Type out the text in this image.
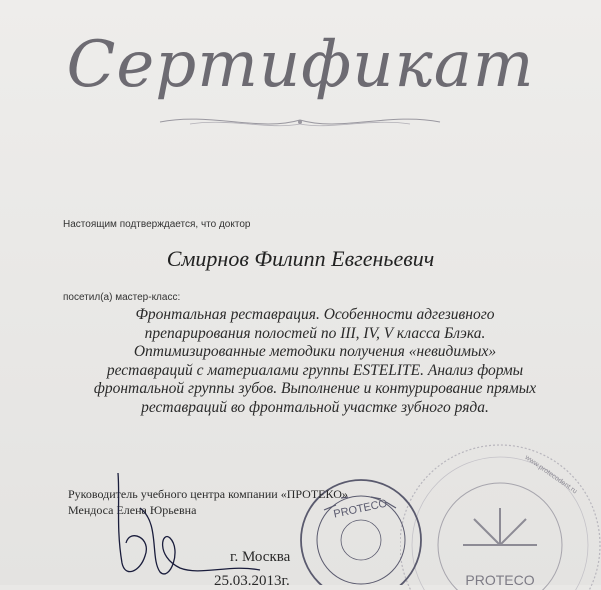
Сертификат
Настоящим подтверждается, что доктор
Смирнов Филипп Евгеньевич
посетил(а) мастер-класс:
Фронтальная реставрация. Особенности адгезивного
препарирования полостей по III, IV, V класса Блэка.
Оптимизированные методики получения «невидимых»
реставраций с материалами группы ESTELITE. Анализ формы
фронтальной группы зубов. Выполнение и контурирование прямых
реставраций во фронтальной участке зубного ряда.
PROTECO
www.protecodent.ru
PROTECO
Руководитель учебного центра компании «ПРОТЕКО»
Мендоса Елена Юрьевна
г. Москва
25.03.2013г.
